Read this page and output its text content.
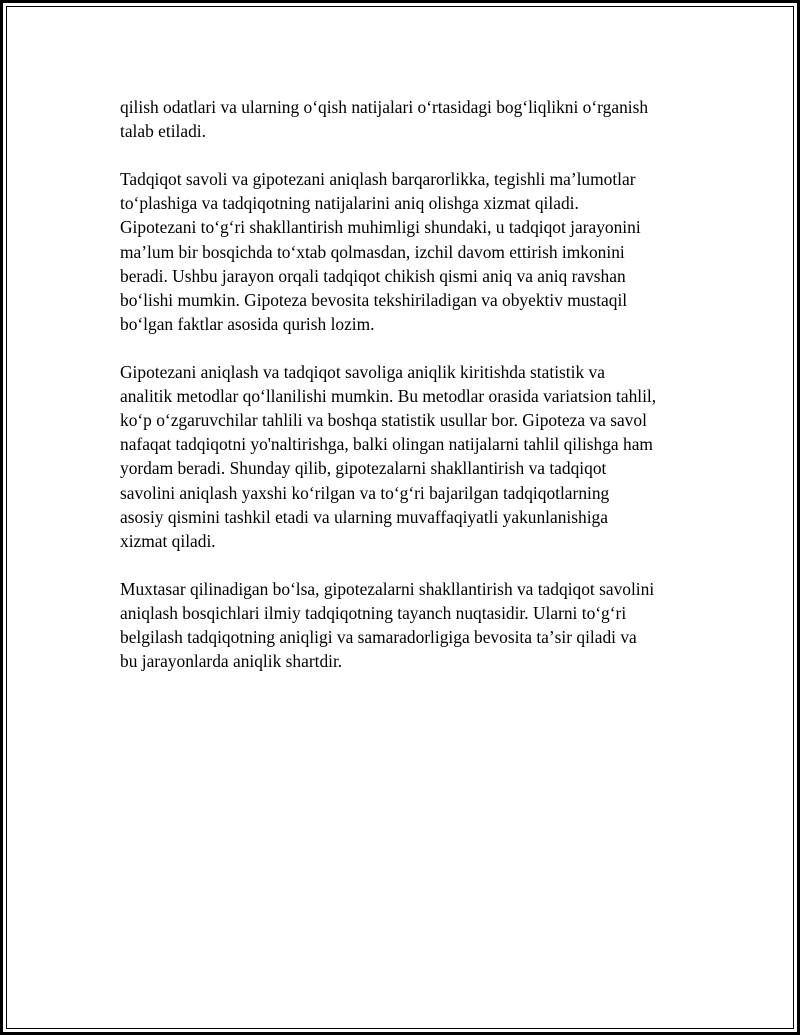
qilish odatlari va ularning oʻqish natijalari oʻrtasidagi bogʻliqlikni oʻrganish
talab etiladi.

Tadqiqot savoli va gipotezani aniqlash barqarorlikka, tegishli maʼlumotlar
toʻplashiga va tadqiqotning natijalarini aniq olishga xizmat qiladi.
Gipotezani toʻgʻri shakllantirish muhimligi shundaki, u tadqiqot jarayonini
maʼlum bir bosqichda toʻxtab qolmasdan, izchil davom ettirish imkonini
beradi. Ushbu jarayon orqali tadqiqot chikish qismi aniq va aniq ravshan
boʻlishi mumkin. Gipoteza bevosita tekshiriladigan va obyektiv mustaqil
boʻlgan faktlar asosida qurish lozim.

Gipotezani aniqlash va tadqiqot savoliga aniqlik kiritishda statistik va
analitik metodlar qoʻllanilishi mumkin. Bu metodlar orasida variatsion tahlil,
koʻp oʻzgaruvchilar tahlili va boshqa statistik usullar bor. Gipoteza va savol
nafaqat tadqiqotni yo'naltirishga, balki olingan natijalarni tahlil qilishga ham
yordam beradi. Shunday qilib, gipotezalarni shakllantirish va tadqiqot
savolini aniqlash yaxshi koʻrilgan va toʻgʻri bajarilgan tadqiqotlarning
asosiy qismini tashkil etadi va ularning muvaffaqiyatli yakunlanishiga
xizmat qiladi.

Muxtasar qilinadigan boʻlsa, gipotezalarni shakllantirish va tadqiqot savolini
aniqlash bosqichlari ilmiy tadqiqotning tayanch nuqtasidir. Ularni toʻgʻri
belgilash tadqiqotning aniqligi va samaradorligiga bevosita taʼsir qiladi va
bu jarayonlarda aniqlik shartdir.
